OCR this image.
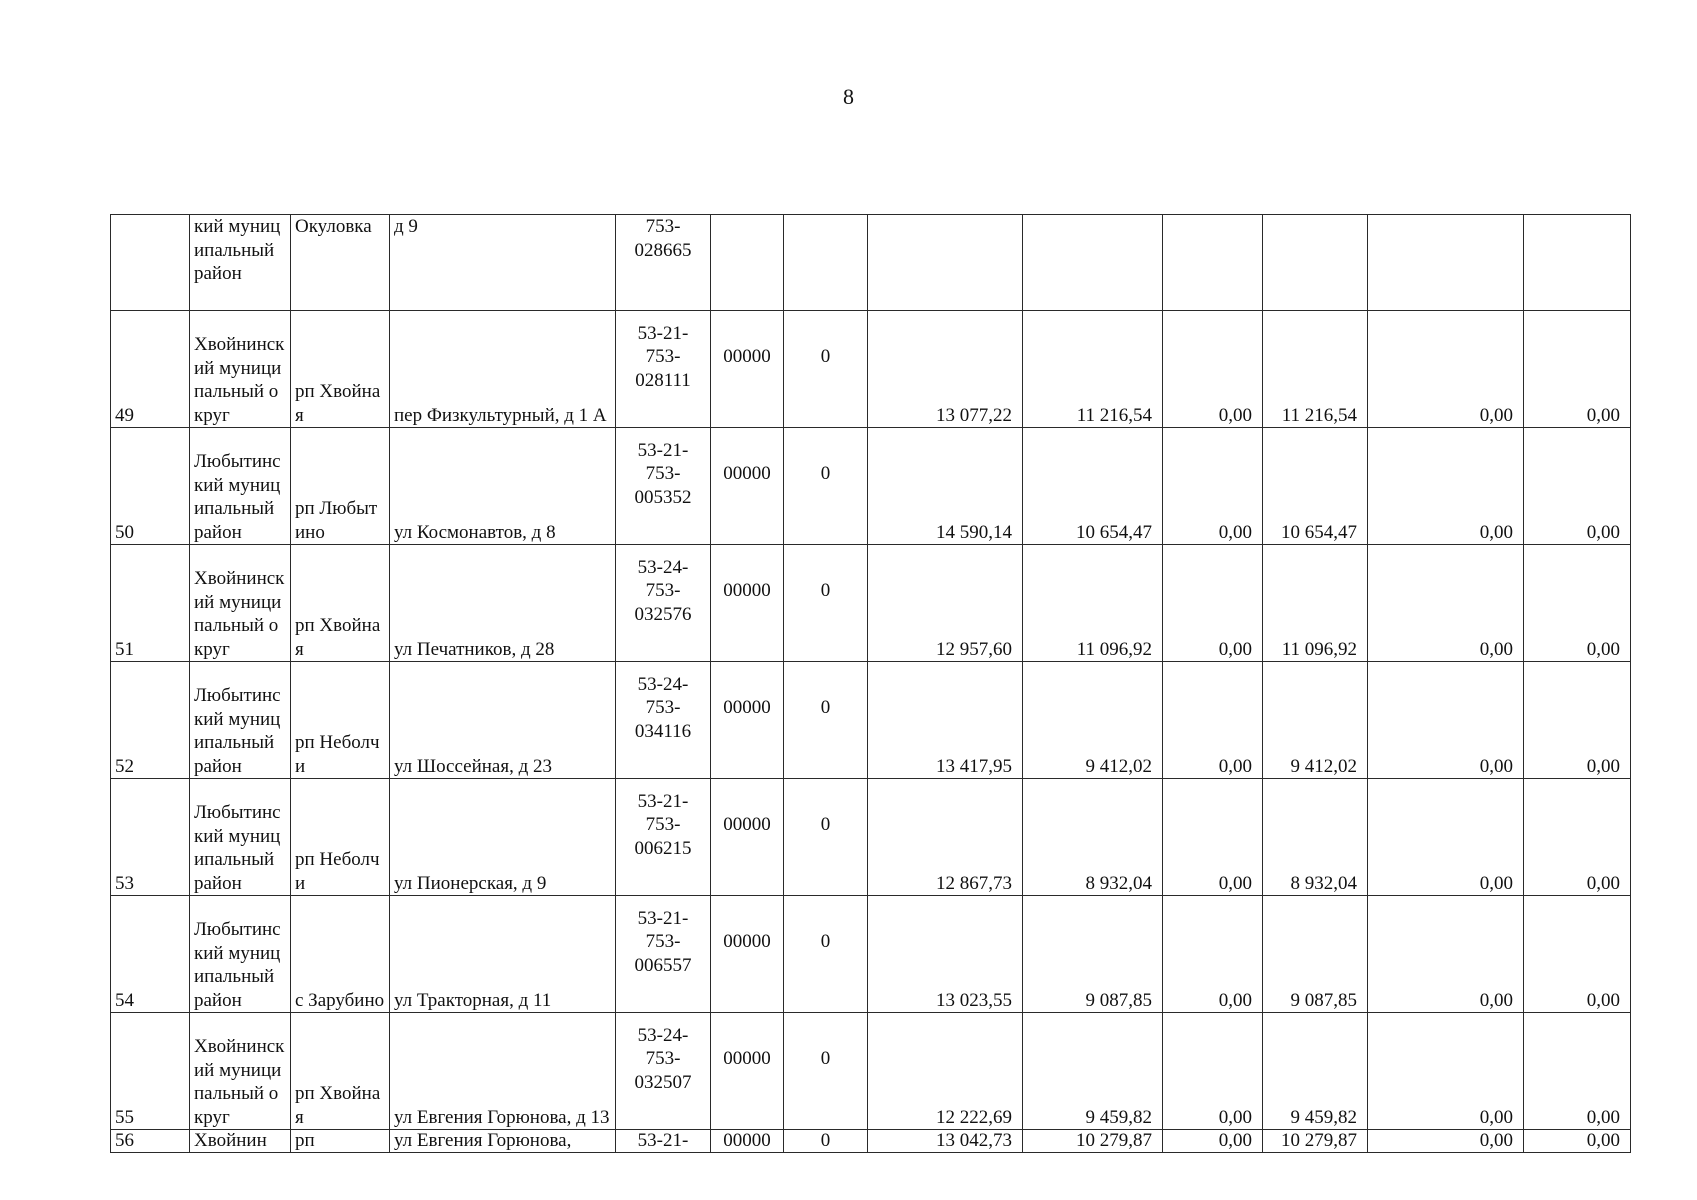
8
	кий муниципальный район	Окуловка	д 9	753-
028665								
49	Хвойнинский муниципальный округ	рп Хвойная	пер Физкультурный, д 1 А	53-21-
753-
028111	00000	0	13 077,22	11 216,54	0,00	11 216,54	0,00	0,00
50	Любытинский муниципальный район	рп Любытино	ул Космонавтов, д 8	53-21-
753-
005352	00000	0	14 590,14	10 654,47	0,00	10 654,47	0,00	0,00
51	Хвойнинский муниципальный округ	рп Хвойная	ул Печатников, д 28	53-24-
753-
032576	00000	0	12 957,60	11 096,92	0,00	11 096,92	0,00	0,00
52	Любытинский муниципальный район	рп Неболчи	ул Шоссейная, д 23	53-24-
753-
034116	00000	0	13 417,95	9 412,02	0,00	9 412,02	0,00	0,00
53	Любытинский муниципальный район	рп Неболчи	ул Пионерская, д 9	53-21-
753-
006215	00000	0	12 867,73	8 932,04	0,00	8 932,04	0,00	0,00
54	Любытинский муниципальный район	с Зарубино	ул Тракторная, д 11	53-21-
753-
006557	00000	0	13 023,55	9 087,85	0,00	9 087,85	0,00	0,00
55	Хвойнинский муниципальный округ	рп Хвойная	ул Евгения Горюнова, д 13	53-24-
753-
032507	00000	0	12 222,69	9 459,82	0,00	9 459,82	0,00	0,00
56	Хвойнин	рп	ул Евгения Горюнова,	53-21-	00000	0	13 042,73	10 279,87	0,00	10 279,87	0,00	0,00
